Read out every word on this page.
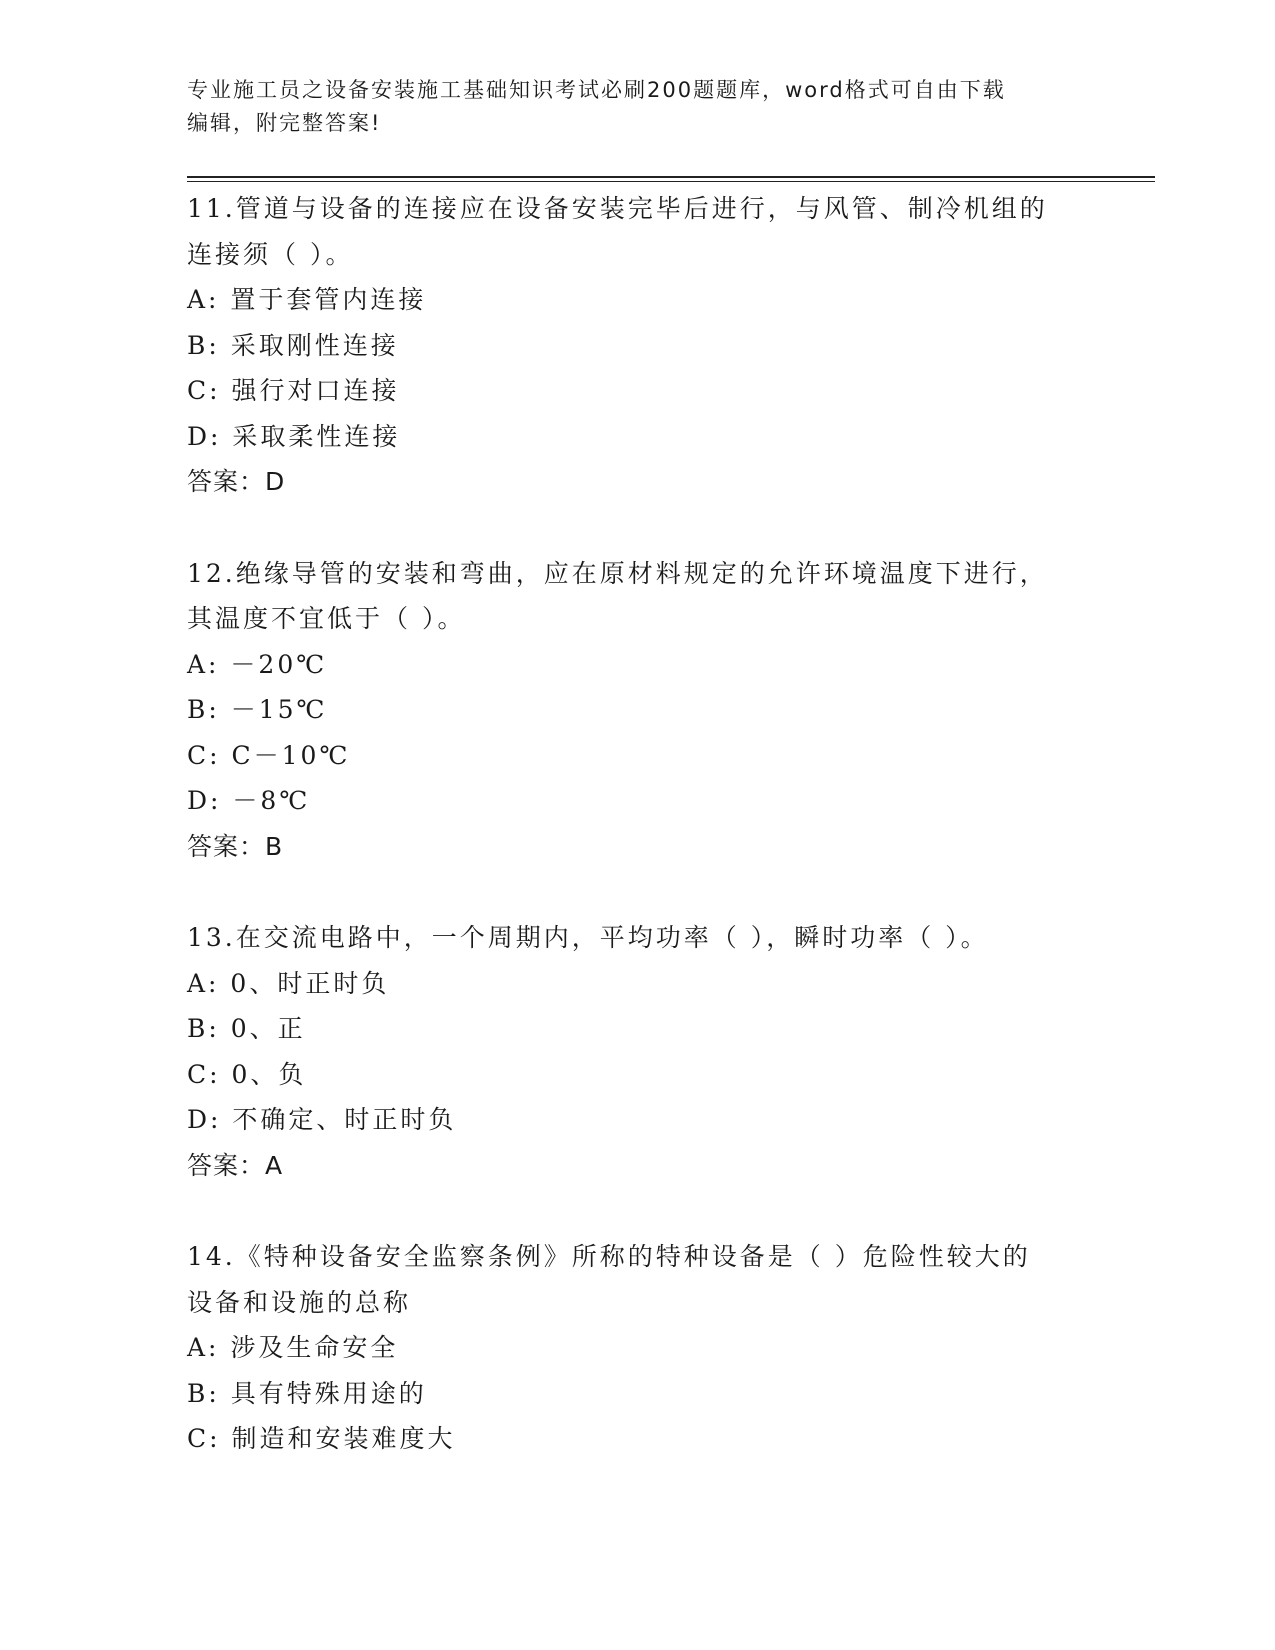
专业施工员之设备安装施工基础知识考试必刷200题题库，word格式可自由下载
编辑，附完整答案!
11.管道与设备的连接应在设备安装完毕后进行，与风管、制冷机组的
连接须（ ）。
A: 置于套管内连接
B: 采取刚性连接
C: 强行对口连接
D: 采取柔性连接
答案：D
12.绝缘导管的安装和弯曲，应在原材料规定的允许环境温度下进行，
其温度不宜低于（ ）。
A: －20℃
B: －15℃
C: C－10℃
D: －8℃
答案：B
13.在交流电路中，一个周期内，平均功率（ ），瞬时功率（ ）。
A: 0、时正时负
B: 0、正
C: 0、负
D: 不确定、时正时负
答案：A
14.《特种设备安全监察条例》所称的特种设备是（ ）危险性较大的
设备和设施的总称
A: 涉及生命安全
B: 具有特殊用途的
C: 制造和安装难度大
